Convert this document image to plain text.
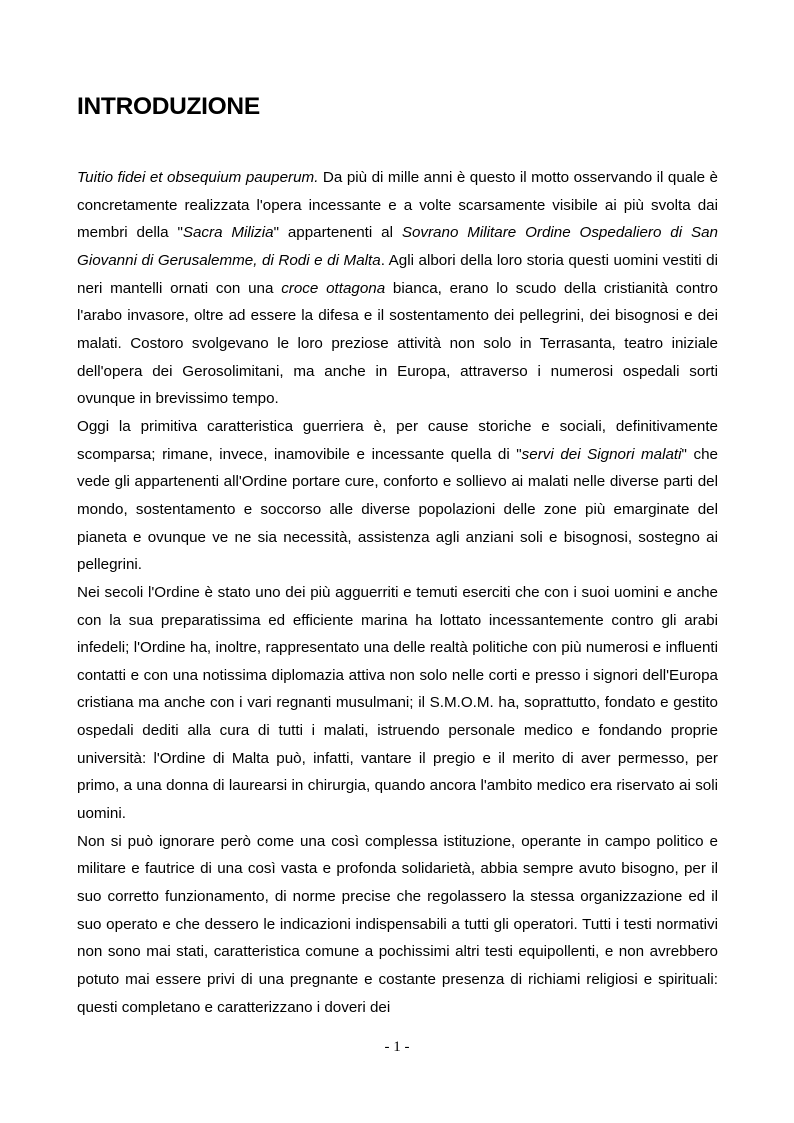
INTRODUZIONE

Tuitio fidei et obsequium pauperum. Da più di mille anni è questo il motto osservando il quale è concretamente realizzata l'opera incessante e a volte scarsamente visibile ai più svolta dai membri della "Sacra Milizia" appartenenti al Sovrano Militare Ordine Ospedaliero di San Giovanni di Gerusalemme, di Rodi e di Malta. Agli albori della loro storia questi uomini vestiti di neri mantelli ornati con una croce ottagona bianca, erano lo scudo della cristianità contro l'arabo invasore, oltre ad essere la difesa e il sostentamento dei pellegrini, dei bisognosi e dei malati. Costoro svolgevano le loro preziose attività non solo in Terrasanta, teatro iniziale dell'opera dei Gerosolimitani, ma anche in Europa, attraverso i numerosi ospedali sorti ovunque in brevissimo tempo.

Oggi la primitiva caratteristica guerriera è, per cause storiche e sociali, definitivamente scomparsa; rimane, invece, inamovibile e incessante quella di "servi dei Signori malati" che vede gli appartenenti all'Ordine portare cure, conforto e sollievo ai malati nelle diverse parti del mondo, sostentamento e soccorso alle diverse popolazioni delle zone più emarginate del pianeta e ovunque ve ne sia necessità, assistenza agli anziani soli e bisognosi, sostegno ai pellegrini.

Nei secoli l'Ordine è stato uno dei più agguerriti e temuti eserciti che con i suoi uomini e anche con la sua preparatissima ed efficiente marina ha lottato incessantemente contro gli arabi infedeli; l'Ordine ha, inoltre, rappresentato una delle realtà politiche con più numerosi e influenti contatti e con una notissima diplomazia attiva non solo nelle corti e presso i signori dell'Europa cristiana ma anche con i vari regnanti musulmani; il S.M.O.M. ha, soprattutto, fondato e gestito ospedali dediti alla cura di tutti i malati, istruendo personale medico e fondando proprie università: l'Ordine di Malta può, infatti, vantare il pregio e il merito di aver permesso, per primo, a una donna di laurearsi in chirurgia, quando ancora l'ambito medico era riservato ai soli uomini.

Non si può ignorare però come una così complessa istituzione, operante in campo politico e militare e fautrice di una così vasta e profonda solidarietà, abbia sempre avuto bisogno, per il suo corretto funzionamento, di norme precise che regolassero la stessa organizzazione ed il suo operato e che dessero le indicazioni indispensabili a tutti gli operatori. Tutti i testi normativi non sono mai stati, caratteristica comune a pochissimi altri testi equipollenti, e non avrebbero potuto mai essere privi di una pregnante e costante presenza di richiami religiosi e spirituali: questi completano e caratterizzano i doveri dei

- 1 -
